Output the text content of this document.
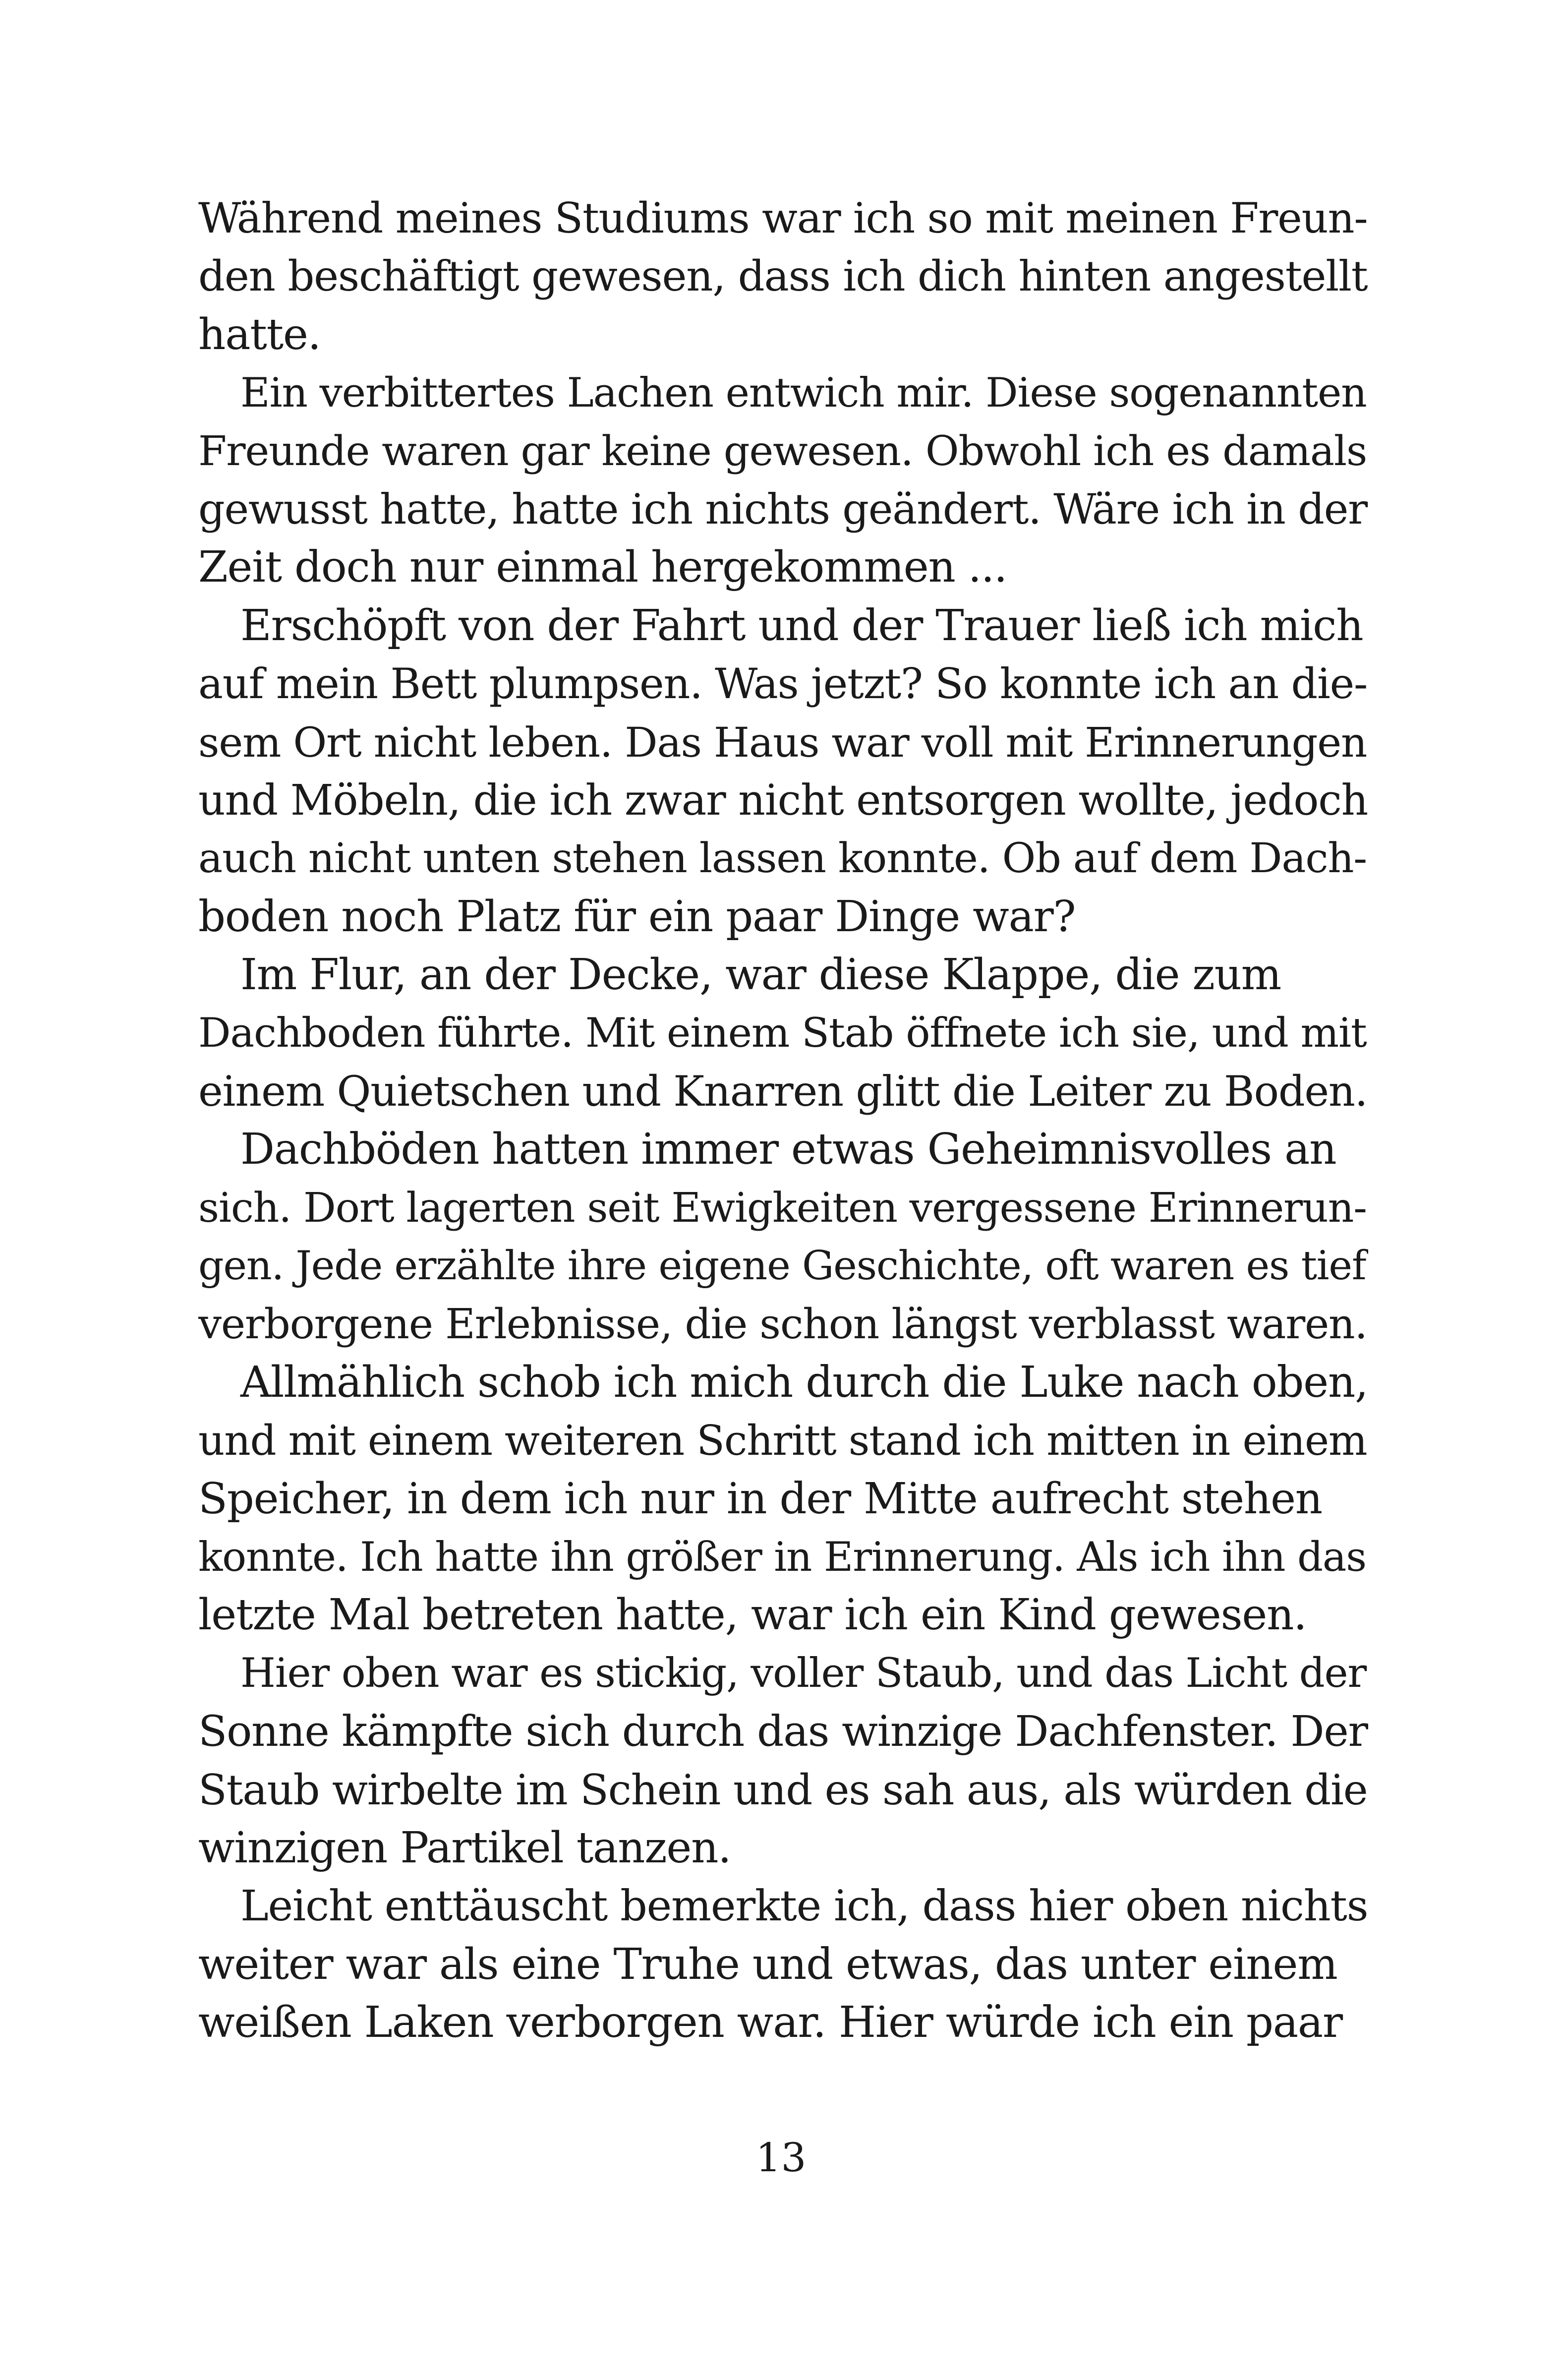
Während meines Studiums war ich so mit meinen Freun-
den beschäftigt gewesen, dass ich dich hinten angestellt
hatte.
Ein verbittertes Lachen entwich mir. Diese sogenannten
Freunde waren gar keine gewesen. Obwohl ich es damals
gewusst hatte, hatte ich nichts geändert. Wäre ich in der
Zeit doch nur einmal hergekommen ...
Erschöpft von der Fahrt und der Trauer ließ ich mich
auf mein Bett plumpsen. Was jetzt? So konnte ich an die-
sem Ort nicht leben. Das Haus war voll mit Erinnerungen
und Möbeln, die ich zwar nicht entsorgen wollte, jedoch
auch nicht unten stehen lassen konnte. Ob auf dem Dach-
boden noch Platz für ein paar Dinge war?
Im Flur, an der Decke, war diese Klappe, die zum
Dachboden führte. Mit einem Stab öffnete ich sie, und mit
einem Quietschen und Knarren glitt die Leiter zu Boden.
Dachböden hatten immer etwas Geheimnisvolles an
sich. Dort lagerten seit Ewigkeiten vergessene Erinnerun-
gen. Jede erzählte ihre eigene Geschichte, oft waren es tief
verborgene Erlebnisse, die schon längst verblasst waren.
Allmählich schob ich mich durch die Luke nach oben,
und mit einem weiteren Schritt stand ich mitten in einem
Speicher, in dem ich nur in der Mitte aufrecht stehen
konnte. Ich hatte ihn größer in Erinnerung. Als ich ihn das
letzte Mal betreten hatte, war ich ein Kind gewesen.
Hier oben war es stickig, voller Staub, und das Licht der
Sonne kämpfte sich durch das winzige Dachfenster. Der
Staub wirbelte im Schein und es sah aus, als würden die
winzigen Partikel tanzen.
Leicht enttäuscht bemerkte ich, dass hier oben nichts
weiter war als eine Truhe und etwas, das unter einem
weißen Laken verborgen war. Hier würde ich ein paar
13
